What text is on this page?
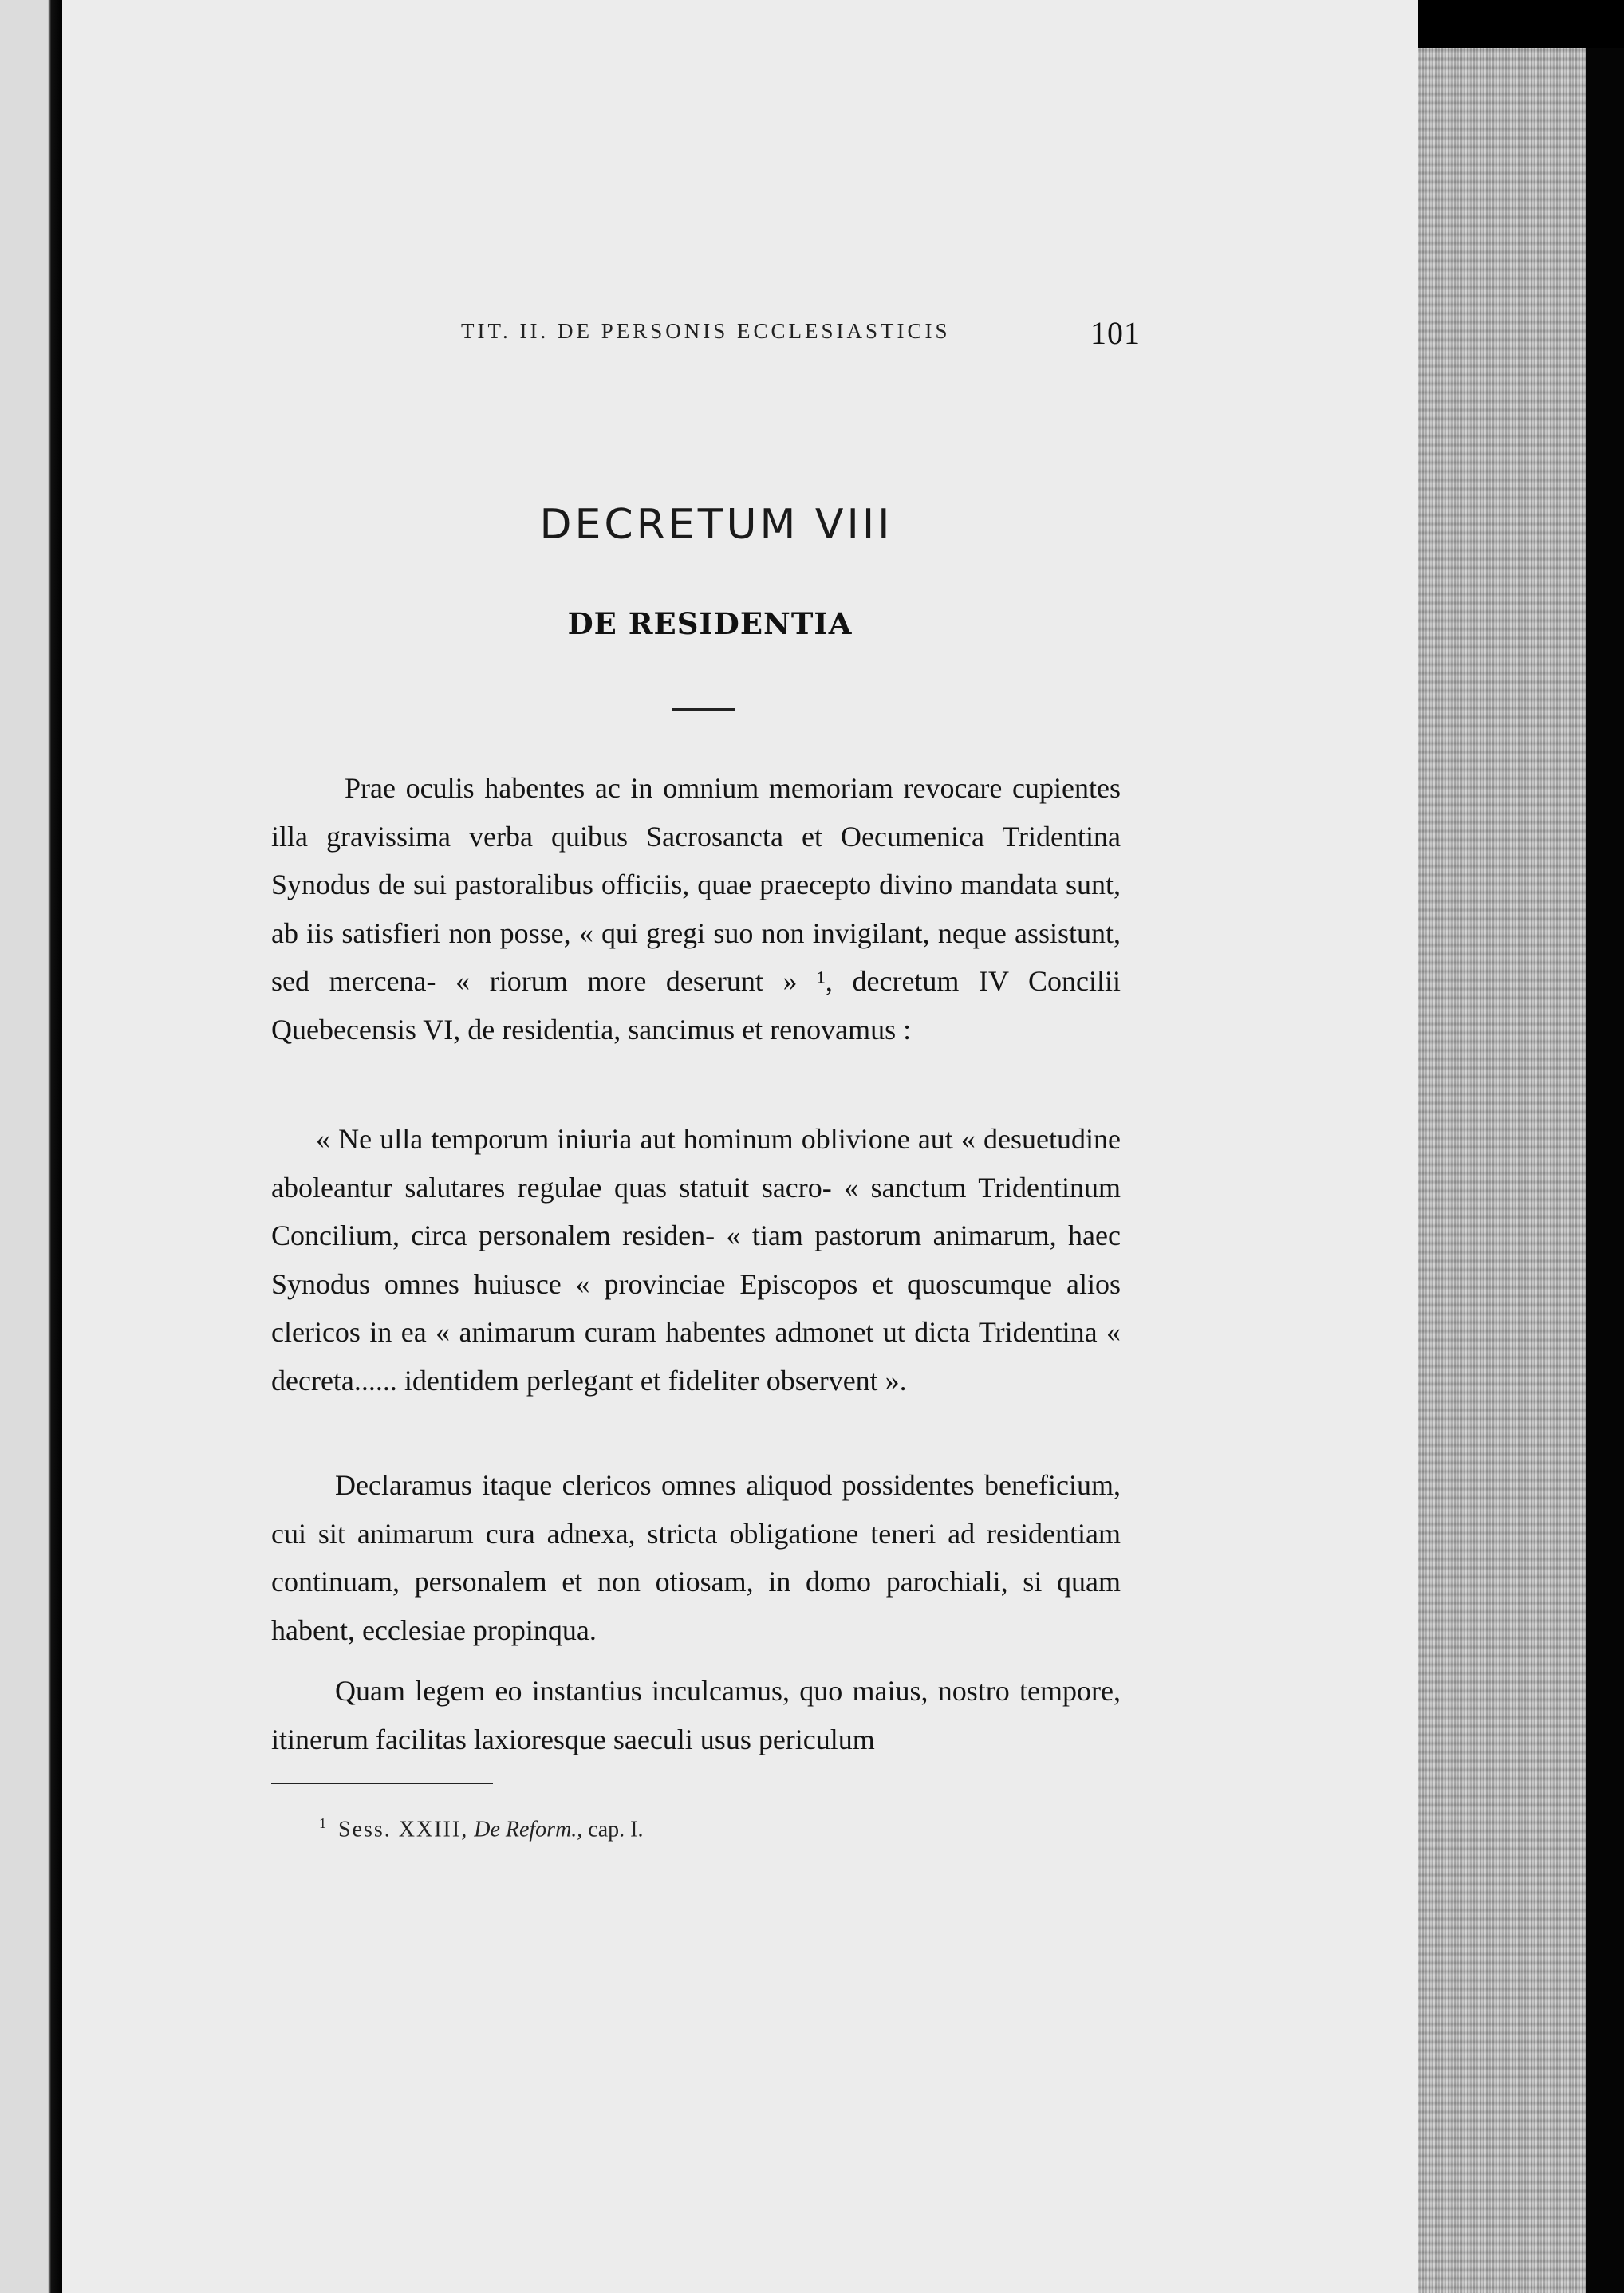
TIT. II. DE PERSONIS ECCLESIASTICIS	101
DECRETUM VIII
DE RESIDENTIA

Prae oculis habentes ac in omnium memoriam revocare cupientes illa gravissima verba quibus Sacrosancta et Oecumenica Tridentina Synodus de sui pastoralibus officiis, quae praecepto divino mandata sunt, ab iis satisfieri non posse, « qui gregi suo non invigilant, neque assistunt, sed mercena- « riorum more deserunt » ¹, decretum IV Concilii Quebecensis VI, de residentia, sancimus et renovamus :

« Ne ulla temporum iniuria aut hominum oblivione aut « desuetudine aboleantur salutares regulae quas statuit sacro- « sanctum Tridentinum Concilium, circa personalem residen- « tiam pastorum animarum, haec Synodus omnes huiusce « provinciae Episcopos et quoscumque alios clericos in ea « animarum curam habentes admonet ut dicta Tridentina « decreta...... identidem perlegant et fideliter observent ».

Declaramus itaque clericos omnes aliquod possidentes beneficium, cui sit animarum cura adnexa, stricta obligatione teneri ad residentiam continuam, personalem et non otiosam, in domo parochiali, si quam habent, ecclesiae propinqua.

Quam legem eo instantius inculcamus, quo maius, nostro tempore, itinerum facilitas laxioresque saeculi usus periculum

$^1$ Sess. XXIII, De Reform., cap. I.
